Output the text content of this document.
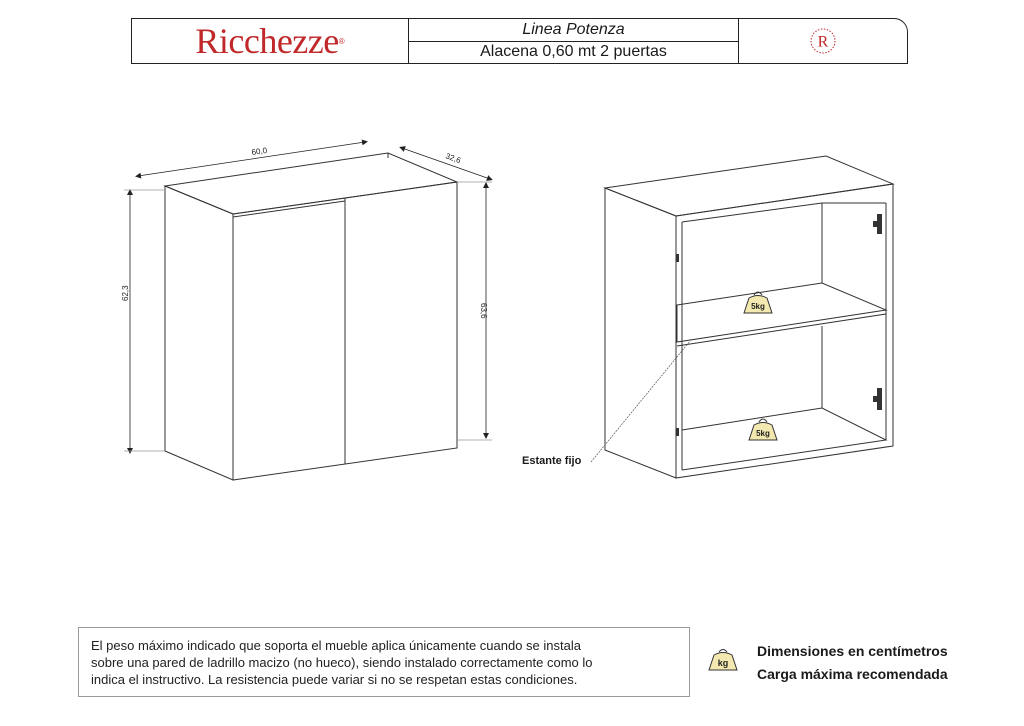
Ricchezze ®
Linea Potenza
Alacena 0,60 mt 2 puertas
R
60,0	32,6
62,3
63,6	5kg
5kg
Estante fijo

El peso máximo indicado que soporta el mueble aplica únicamente cuando se instala

sobre una pared de ladrillo macizo (no hueco), siendo instalado correctamente como lo

indica el instructivo. La resistencia puede variar si no se respetan estas condiciones.

kg
Dimensiones en centímetros
Carga máxima recomendada
